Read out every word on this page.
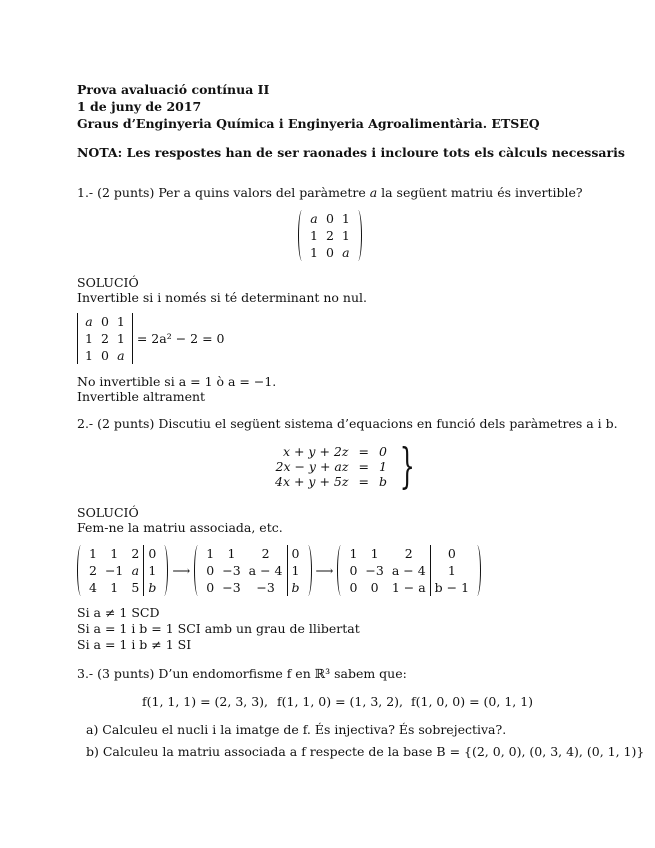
Prova avaluació contínua II
1 de juny de 2017
Graus d’Enginyeria Química i Enginyeria Agroalimentària. ETSEQ
NOTA: Les respostes han de ser raonades i incloure tots els càlculs necessaris
1.- (2 punts) Per a quins valors del paràmetre a la següent matriu és invertible?
a	0	1
1	2	1
1	0	a
SOLUCIÓ
Invertible si i només si té determinant no nul.
a	0	1
1	2	1
1	0	a
= 2a² − 2 = 0
No invertible si a = 1 ò a = −1.
Invertible altrament
2.- (2 punts) Discutiu el següent sistema d’equacions en funció dels paràmetres a i b.
x + y + 2z	=	0
2x − y + az	=	1
4x + y + 5z	=	b }
SOLUCIÓ
Fem-ne la matriu associada, etc.
1	1	2	0
2	−1	a	1
4	1	5	b
⟶
1	1	2	0
0	−3	a − 4	1
0	−3	−3	b
⟶
1	1	2	0
0	−3	a − 4	1
0	0	1 − a	b − 1
Si a ≠ 1 SCD
Si a = 1 i b = 1 SCI amb un grau de llibertat
Si a = 1 i b ≠ 1 SI
3.- (3 punts) D’un endomorfisme f en ℝ³ sabem que:
f(1, 1, 1) = (2, 3, 3), f(1, 1, 0) = (1, 3, 2), f(1, 0, 0) = (0, 1, 1)
a) Calculeu el nucli i la imatge de f. És injectiva? És sobrejectiva?.
b) Calculeu la matriu associada a f respecte de la base B = {(2, 0, 0), (0, 3, 4), (0, 1, 1)}
